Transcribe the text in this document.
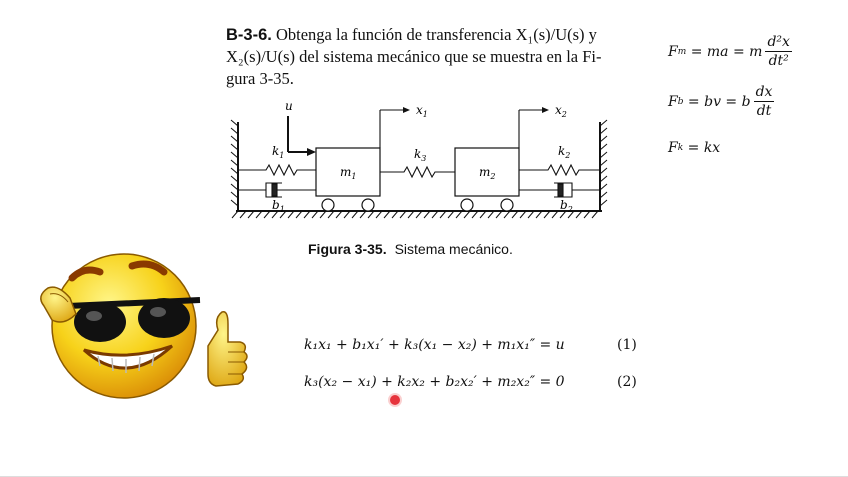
B-3-6. Obtenga la función de transferencia X₁(s)/U(s) y
X₂(s)/U(s) del sistema mecánico que se muestra en la Fi-
gura 3-35.
$m_1$	$m_2$
$k_1$
$b_1$
$k_3$
$k_2$
$b_2$
u	$x_1$	$x_2$
Figura 3-35. Sistema mecánico.
F m = ma = m $\frac{\text{d²x}}{\text{dt²}}$
F b = bv = b $\frac{dx}{dt}$
F k = kx
k₁x₁ + b₁x₁′ + k₃(x₁ − x₂) + m₁x₁″ = u	(1)
k₃(x₂ − x₁) + k₂x₂ + b₂x₂′ + m₂x₂″ = 0	(2)
